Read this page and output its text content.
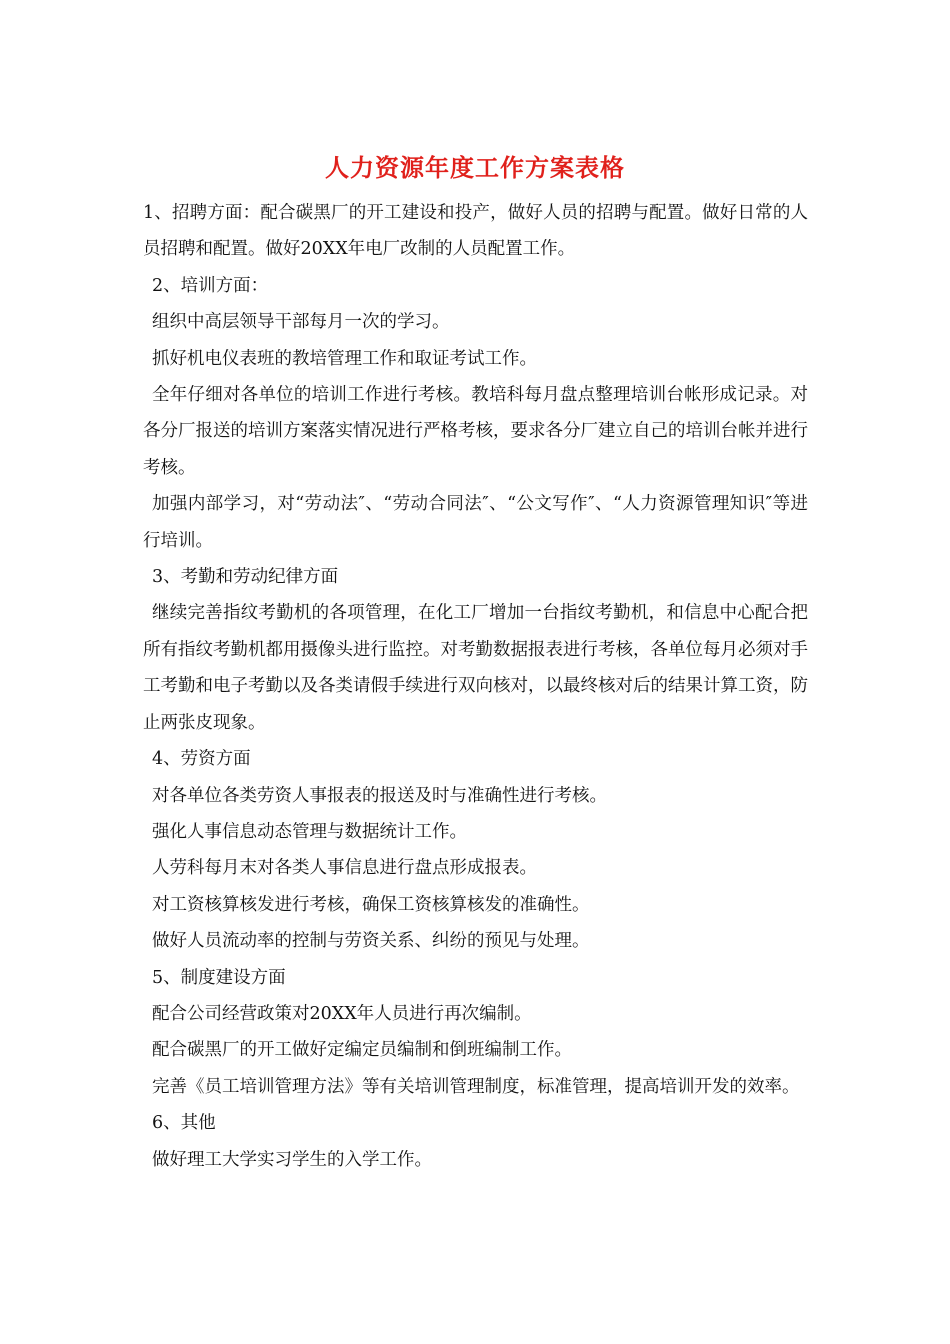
人力资源年度工作方案表格

1、招聘方面：配合碳黑厂的开工建设和投产，做好人员的招聘与配置。做好日常的人员招聘和配置。做好20XX年电厂改制的人员配置工作。

2、培训方面：

组织中高层领导干部每月一次的学习。

抓好机电仪表班的教培管理工作和取证考试工作。

全年仔细对各单位的培训工作进行考核。教培科每月盘点整理培训台帐形成记录。对各分厂报送的培训方案落实情况进行严格考核，要求各分厂建立自己的培训台帐并进行考核。

加强内部学习，对“劳动法″、“劳动合同法″、“公文写作″、“人力资源管理知识″等进行培训。

3、考勤和劳动纪律方面

继续完善指纹考勤机的各项管理，在化工厂增加一台指纹考勤机，和信息中心配合把所有指纹考勤机都用摄像头进行监控。对考勤数据报表进行考核，各单位每月必须对手工考勤和电子考勤以及各类请假手续进行双向核对，以最终核对后的结果计算工资，防止两张皮现象。

4、劳资方面

对各单位各类劳资人事报表的报送及时与准确性进行考核。

强化人事信息动态管理与数据统计工作。

人劳科每月末对各类人事信息进行盘点形成报表。

对工资核算核发进行考核，确保工资核算核发的准确性。

做好人员流动率的控制与劳资关系、纠纷的预见与处理。

5、制度建设方面

配合公司经营政策对20XX年人员进行再次编制。

配合碳黑厂的开工做好定编定员编制和倒班编制工作。

完善《员工培训管理方法》等有关培训管理制度，标准管理，提高培训开发的效率。

6、其他

做好理工大学实习学生的入学工作。
